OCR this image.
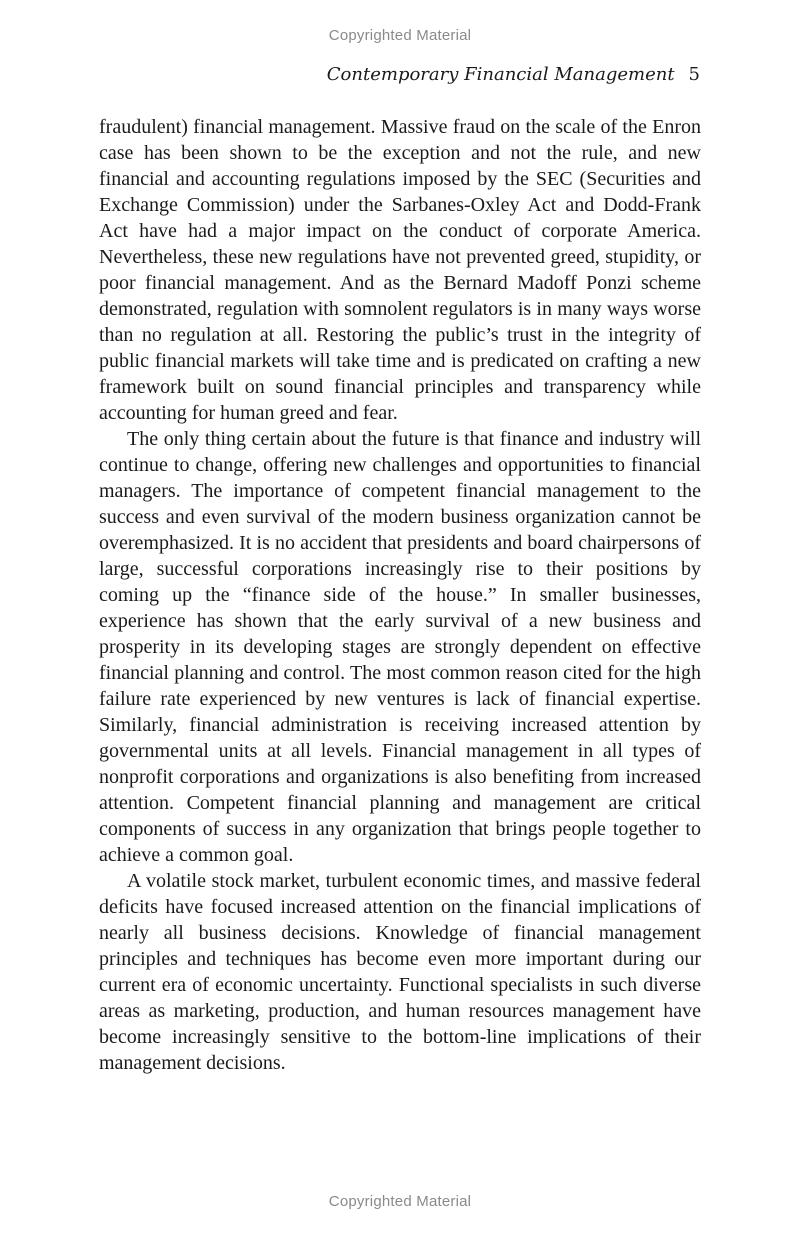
Copyrighted Material
Contemporary Financial Management 5

fraudulent) financial management. Massive fraud on the scale of the Enron case has been shown to be the exception and not the rule, and new financial and accounting regulations imposed by the SEC (Securities and Exchange Commission) under the Sarbanes-Oxley Act and Dodd-Frank Act have had a major impact on the conduct of corporate America. Nevertheless, these new regulations have not prevented greed, stupidity, or poor financial management. And as the Bernard Madoff Ponzi scheme demonstrated, regulation with somnolent regulators is in many ways worse than no regulation at all. Restoring the public’s trust in the integrity of public financial markets will take time and is predicated on crafting a new framework built on sound financial principles and transparency while accounting for human greed and fear.

The only thing certain about the future is that finance and industry will continue to change, offering new challenges and opportunities to financial managers. The importance of competent financial management to the success and even survival of the modern business organization cannot be overemphasized. It is no accident that presidents and board chairpersons of large, successful corporations increasingly rise to their positions by coming up the “finance side of the house.” In smaller businesses, experience has shown that the early survival of a new business and prosperity in its developing stages are strongly dependent on effective financial planning and control. The most common reason cited for the high failure rate experienced by new ventures is lack of financial expertise. Similarly, financial administration is receiving increased attention by governmental units at all levels. Financial management in all types of nonprofit corporations and organizations is also benefiting from increased attention. Competent financial planning and management are critical components of success in any organization that brings people together to achieve a common goal.

A volatile stock market, turbulent economic times, and massive federal deficits have focused increased attention on the financial implications of nearly all business decisions. Knowledge of financial management principles and techniques has become even more important during our current era of economic uncertainty. Functional specialists in such diverse areas as marketing, production, and human resources management have become increasingly sensitive to the bottom-line implications of their management decisions.

Copyrighted Material
